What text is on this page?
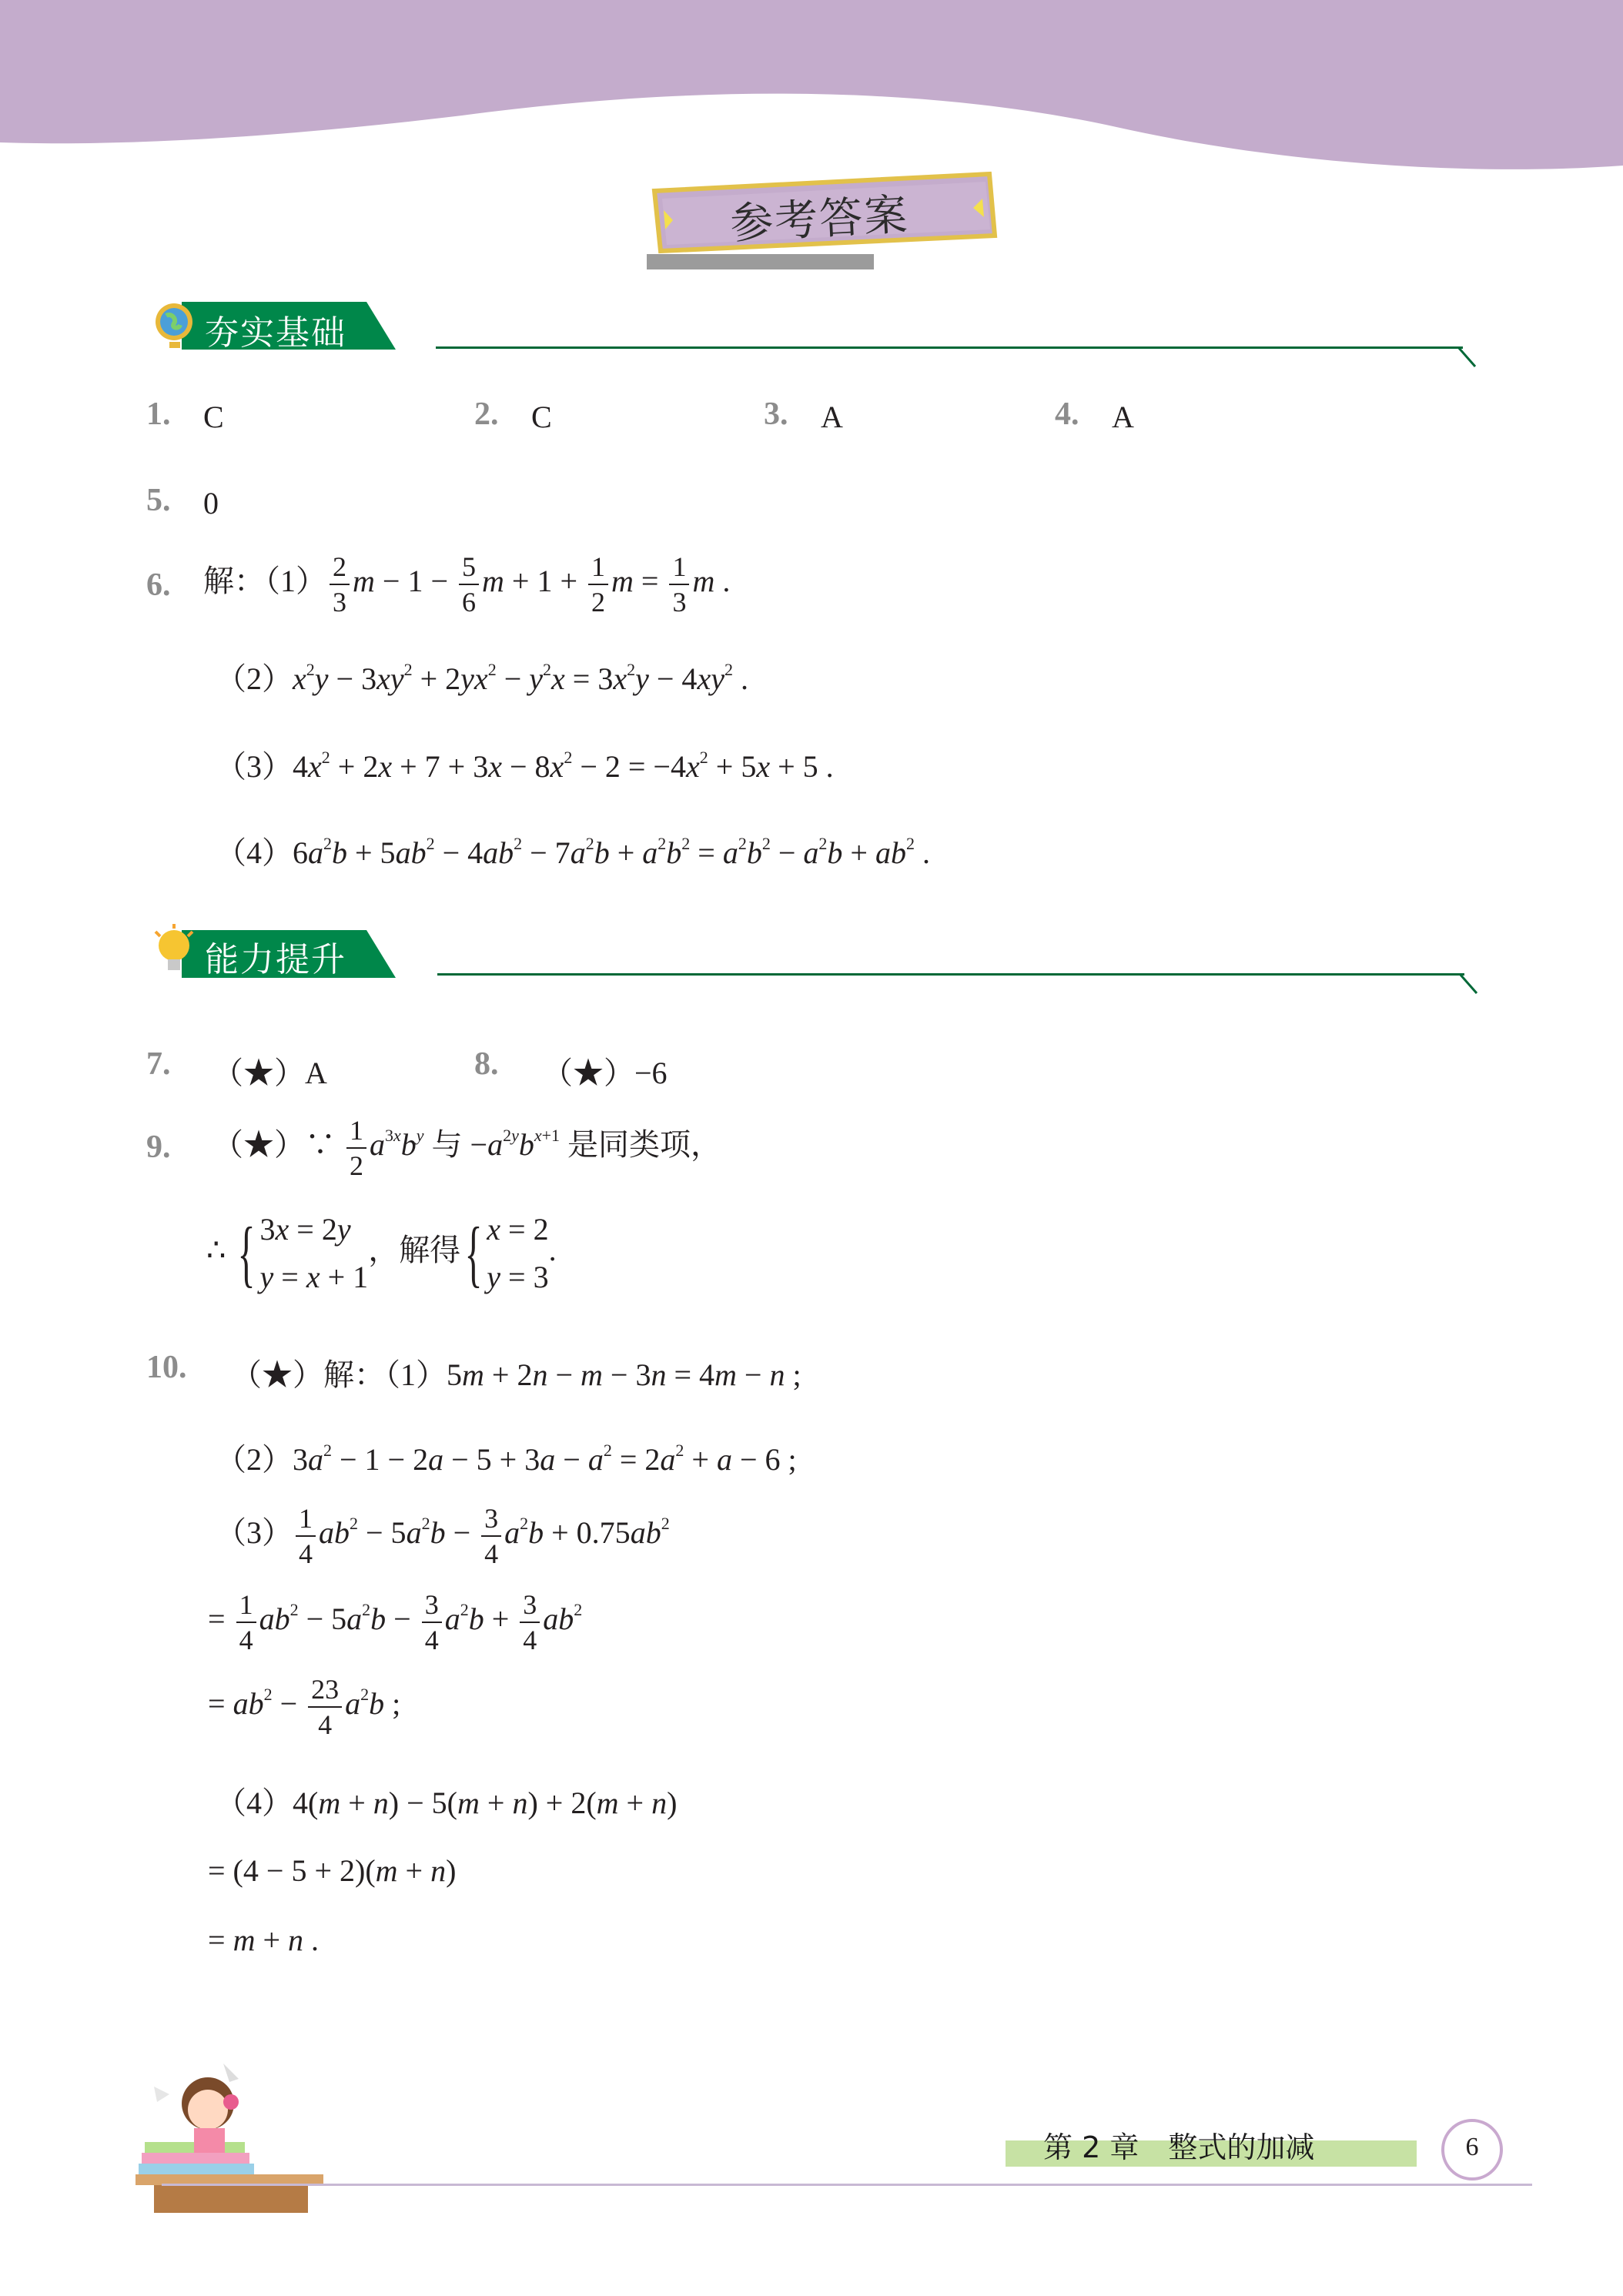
参考答案
夯实基础
1. C	2. C	3. A	4. A
5. 0
6. 解：$(1) \frac{2}{3}$ $m - 1 - \frac{5}{6}$ $m + 1 + \frac{1}{2}$ $m = \frac{1}{3}$ m .
$(2)x^2y - 3xy^2 + 2yx^2 - y^2x = 3x^2y - 4xy^2$ .
$(3)4x^2 + 2x + 7 + 3x - 8x^2 - 2 = -4x^2 + 5x + 5$ .
$(4)6a^2b + 5ab^2 - 4ab^2 - 7a^2b + a^2b^2 = a^2b^2 - a^2b + ab^2$ .
能力提升
7. （★）A	8. （★）−6
9. （★）∵ $\frac{1}{2} a^{3x}b^y$ 与 $-a^{2y}b^{x+1}$ 是同类项，
∴ { 3x = 2y
y = x + 1
，解得{ x = 2
y = 3
.
10. （★）解：（1）5m + 2n − m − 3n = 4m − n ;
$(2)3a^2 - 1 - 2a - 5 + 3a - a^2 = 2a^2 + a - 6$ ;
$(3) \frac{1}{4} ab^2 - 5a^2b - \frac{3}{4} a^2b + 0.75ab^2$
= $\frac{1}{4} ab^2 - 5a^2b - \frac{3}{4} a^2b + \frac{3}{4} ab^2$
= $ab^2 - \frac{23}{4} a^2b$ ;
（4）4(m + n) − 5(m + n) + 2(m + n)
= (4 − 5 + 2)(m + n)
= m + n .
第 2 章　整式的加减	6
